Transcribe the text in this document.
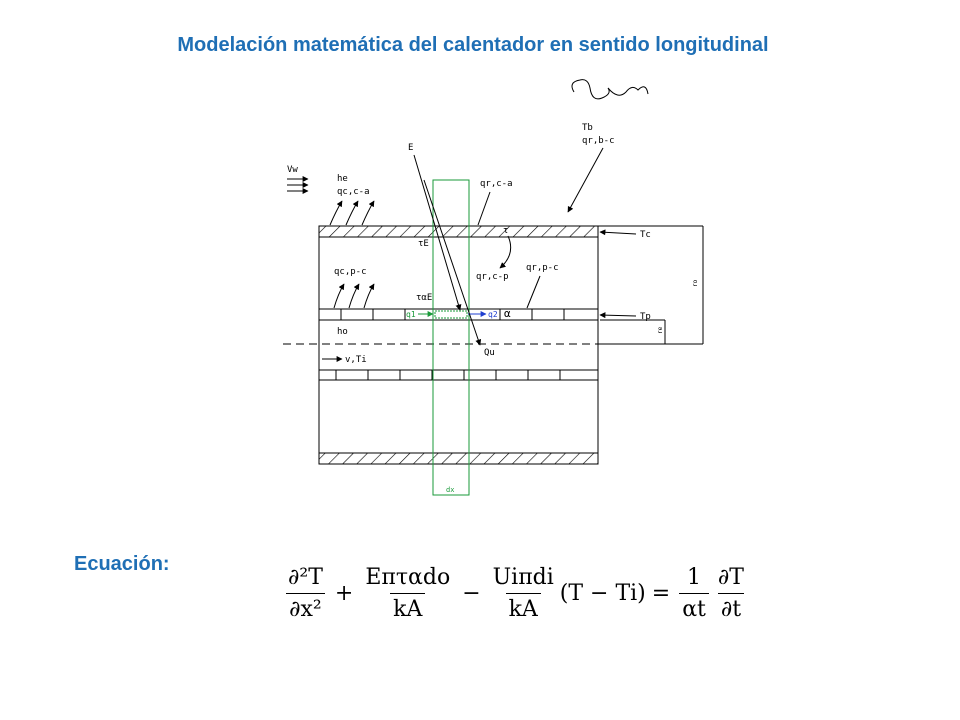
Modelación matemática del calentador en sentido longitudinal
dx
q1	q2 α
E
τE
ταE
Qu
Vw
he
qc,c-a
qc,p-c
qr,c-a
qr,c-p
τ
qr,p-c
Tb
qr,b-c
Tc
Tp
ho
v,Ti
ro
re
Ecuación:
$\frac{\text{∂²T}}{\text{∂x²}} + \frac{\text{Eπταdo}}{kA} - \frac{\text{Uiπdi}}{kA} (T - Ti) = \frac{1}{\alpha t} \frac{\partial T}{\partial t}$
